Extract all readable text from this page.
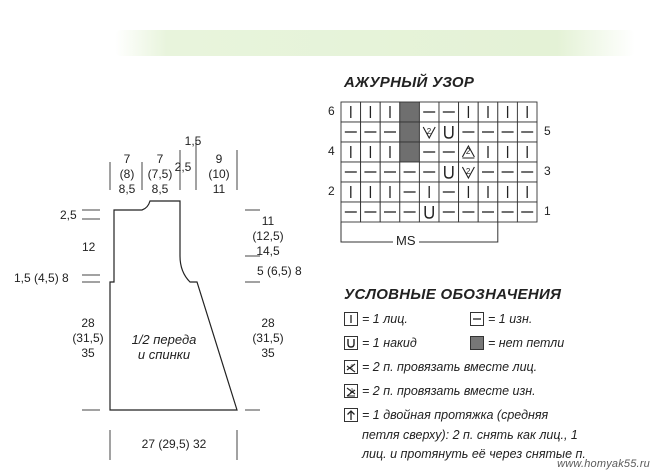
1,5
7
(8)
8,5
7
(7,5)
8,5
2,5
9
(10)
11
2,5
12
1,5 (4,5) 8
28
(31,5)
35
11
(12,5)
14,5
5 (6,5) 8
28
(31,5)
35
1/2 переда
и спинки
27 (29,5) 32
АЖУРНЫЙ УЗОР
2
2
2
6
4
2
5
3
1
MS
УСЛОВНЫЕ ОБОЗНАЧЕНИЯ
= 1 лиц.	= 1 изн.
= 1 накид	= нет петли
2 = 2 п. провязать вместе лиц.
2 = 2 п. провязать вместе изн.
= 1 двойная протяжка (средняя
петля сверху): 2 п. снять как лиц., 1
лиц. и протянуть её через снятые п.
www.homyak55.ru
